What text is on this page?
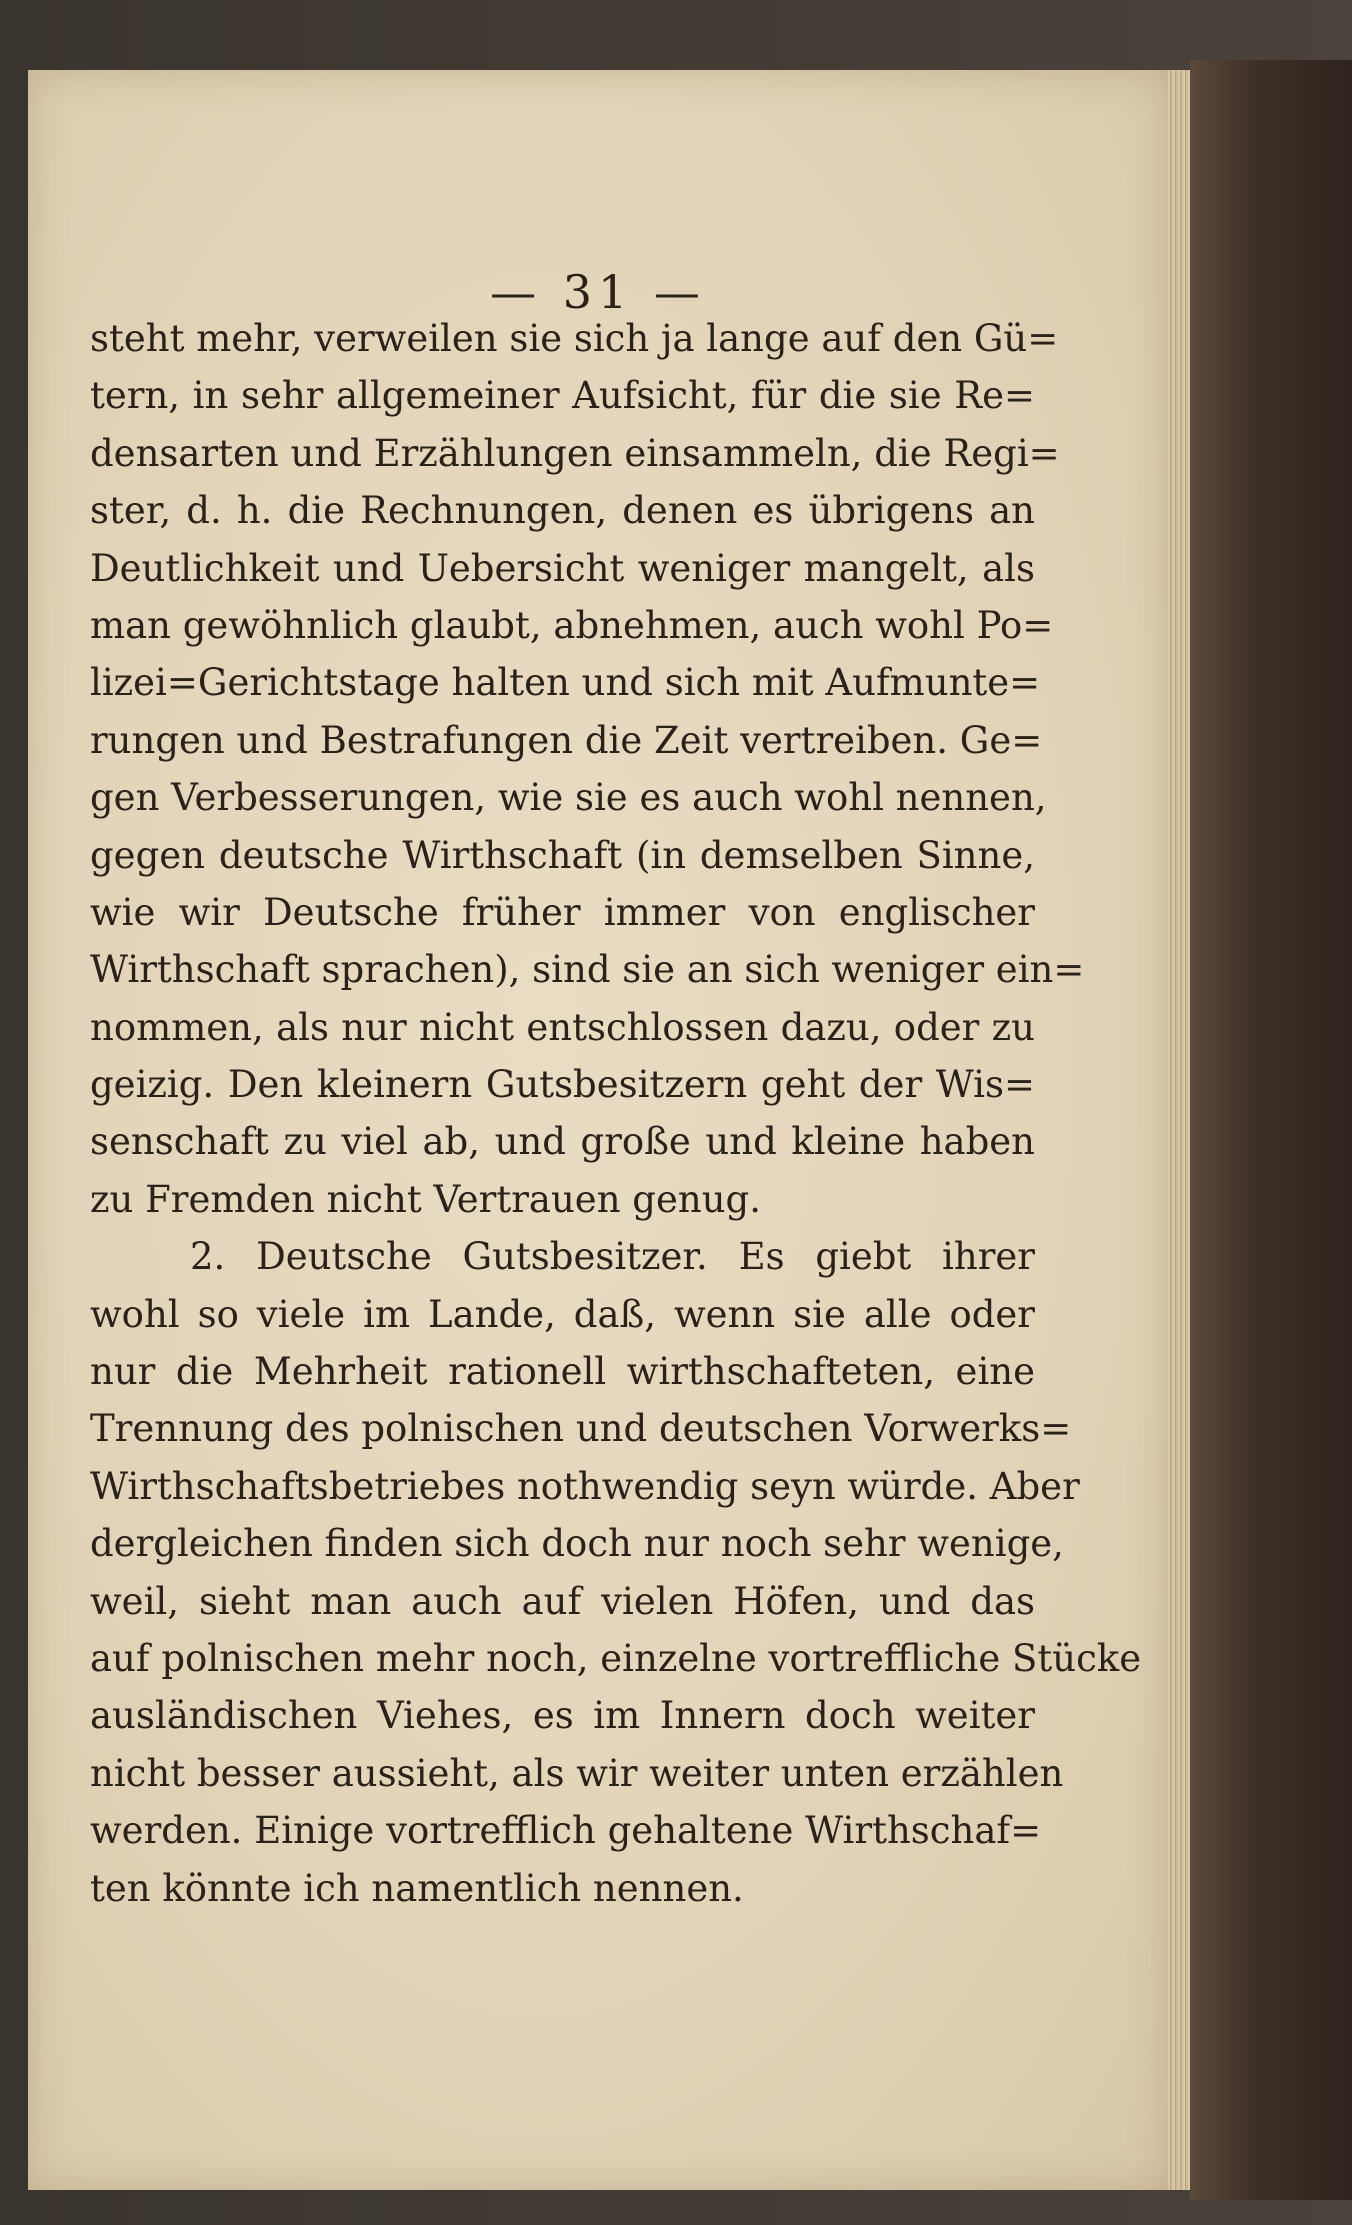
— 31 —
steht mehr, verweilen sie sich ja lange auf den Gü=
tern, in sehr allgemeiner Aufsicht, für die sie Re=
densarten und Erzählungen einsammeln, die Regi=
ster, d. h. die Rechnungen, denen es übrigens an
Deutlichkeit und Uebersicht weniger mangelt, als
man gewöhnlich glaubt, abnehmen, auch wohl Po=
lizei=Gerichtstage halten und sich mit Aufmunte=
rungen und Bestrafungen die Zeit vertreiben. Ge=
gen Verbesserungen, wie sie es auch wohl nennen,
gegen deutsche Wirthschaft (in demselben Sinne,
wie wir Deutsche früher immer von englischer
Wirthschaft sprachen), sind sie an sich weniger ein=
nommen, als nur nicht entschlossen dazu, oder zu
geizig. Den kleinern Gutsbesitzern geht der Wis=
senschaft zu viel ab, und große und kleine haben
zu Fremden nicht Vertrauen genug.
2. Deutsche Gutsbesitzer. Es giebt ihrer
wohl so viele im Lande, daß, wenn sie alle oder
nur die Mehrheit rationell wirthschafteten, eine
Trennung des polnischen und deutschen Vorwerks=
Wirthschaftsbetriebes nothwendig seyn würde. Aber
dergleichen finden sich doch nur noch sehr wenige,
weil, sieht man auch auf vielen Höfen, und das
auf polnischen mehr noch, einzelne vortreffliche Stücke
ausländischen Viehes, es im Innern doch weiter
nicht besser aussieht, als wir weiter unten erzählen
werden. Einige vortrefflich gehaltene Wirthschaf=
ten könnte ich namentlich nennen.
